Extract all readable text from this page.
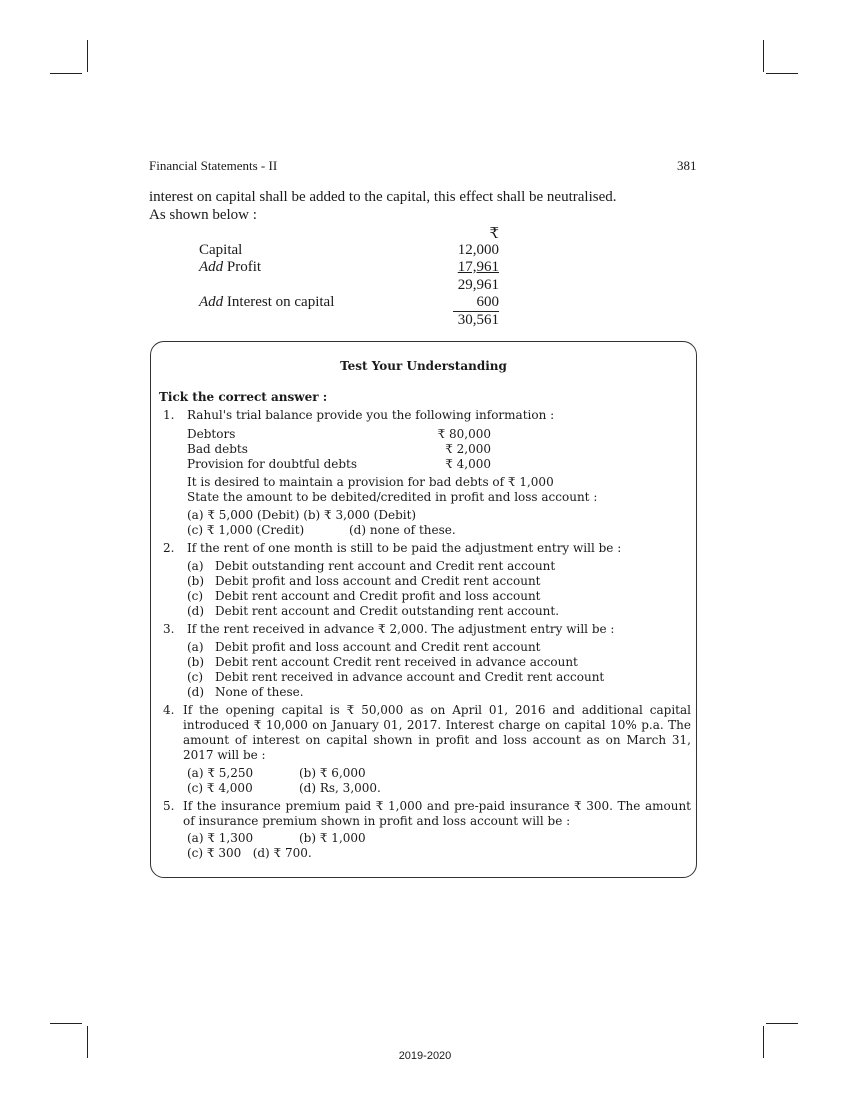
Financial Statements - II	381
interest on capital shall be added to the capital, this effect shall be neutralised.
As shown below :
₹
Capital	12,000
Add Profit	17,961
29,961
Add Interest on capital	600
30,561
Test Your Understanding
Tick the correct answer :
1. Rahul's trial balance provide you the following information :
Debtors	₹ 80,000
Bad debts	₹ 2,000
Provision for doubtful debts	₹ 4,000
It is desired to maintain a provision for bad debts of ₹ 1,000
State the amount to be debited/credited in profit and loss account :
(a) ₹ 5,000 (Debit) (b) ₹ 3,000 (Debit)
(c) ₹ 1,000 (Credit)	(d) none of these.
2. If the rent of one month is still to be paid the adjustment entry will be :
(a) Debit outstanding rent account and Credit rent account
(b) Debit profit and loss account and Credit rent account
(c) Debit rent account and Credit profit and loss account
(d) Debit rent account and Credit outstanding rent account.
3. If the rent received in advance ₹ 2,000. The adjustment entry will be :
(a) Debit profit and loss account and Credit rent account
(b) Debit rent account Credit rent received in advance account
(c) Debit rent received in advance account and Credit rent account
(d) None of these.
4. If the opening capital is ₹ 50,000 as on April 01, 2016 and additional capital introduced ₹ 10,000 on January 01, 2017. Interest charge on capital 10% p.a. The amount of interest on capital shown in profit and loss account as on March 31, 2017 will be :
(a) ₹ 5,250	(b) ₹ 6,000
(c) ₹ 4,000	(d) Rs, 3,000.
5. If the insurance premium paid ₹ 1,000 and pre-paid insurance ₹ 300. The amount of insurance premium shown in profit and loss account will be :
(a) ₹ 1,300	(b) ₹ 1,000
(c) ₹ 300   (d) ₹ 700.
2019-2020
